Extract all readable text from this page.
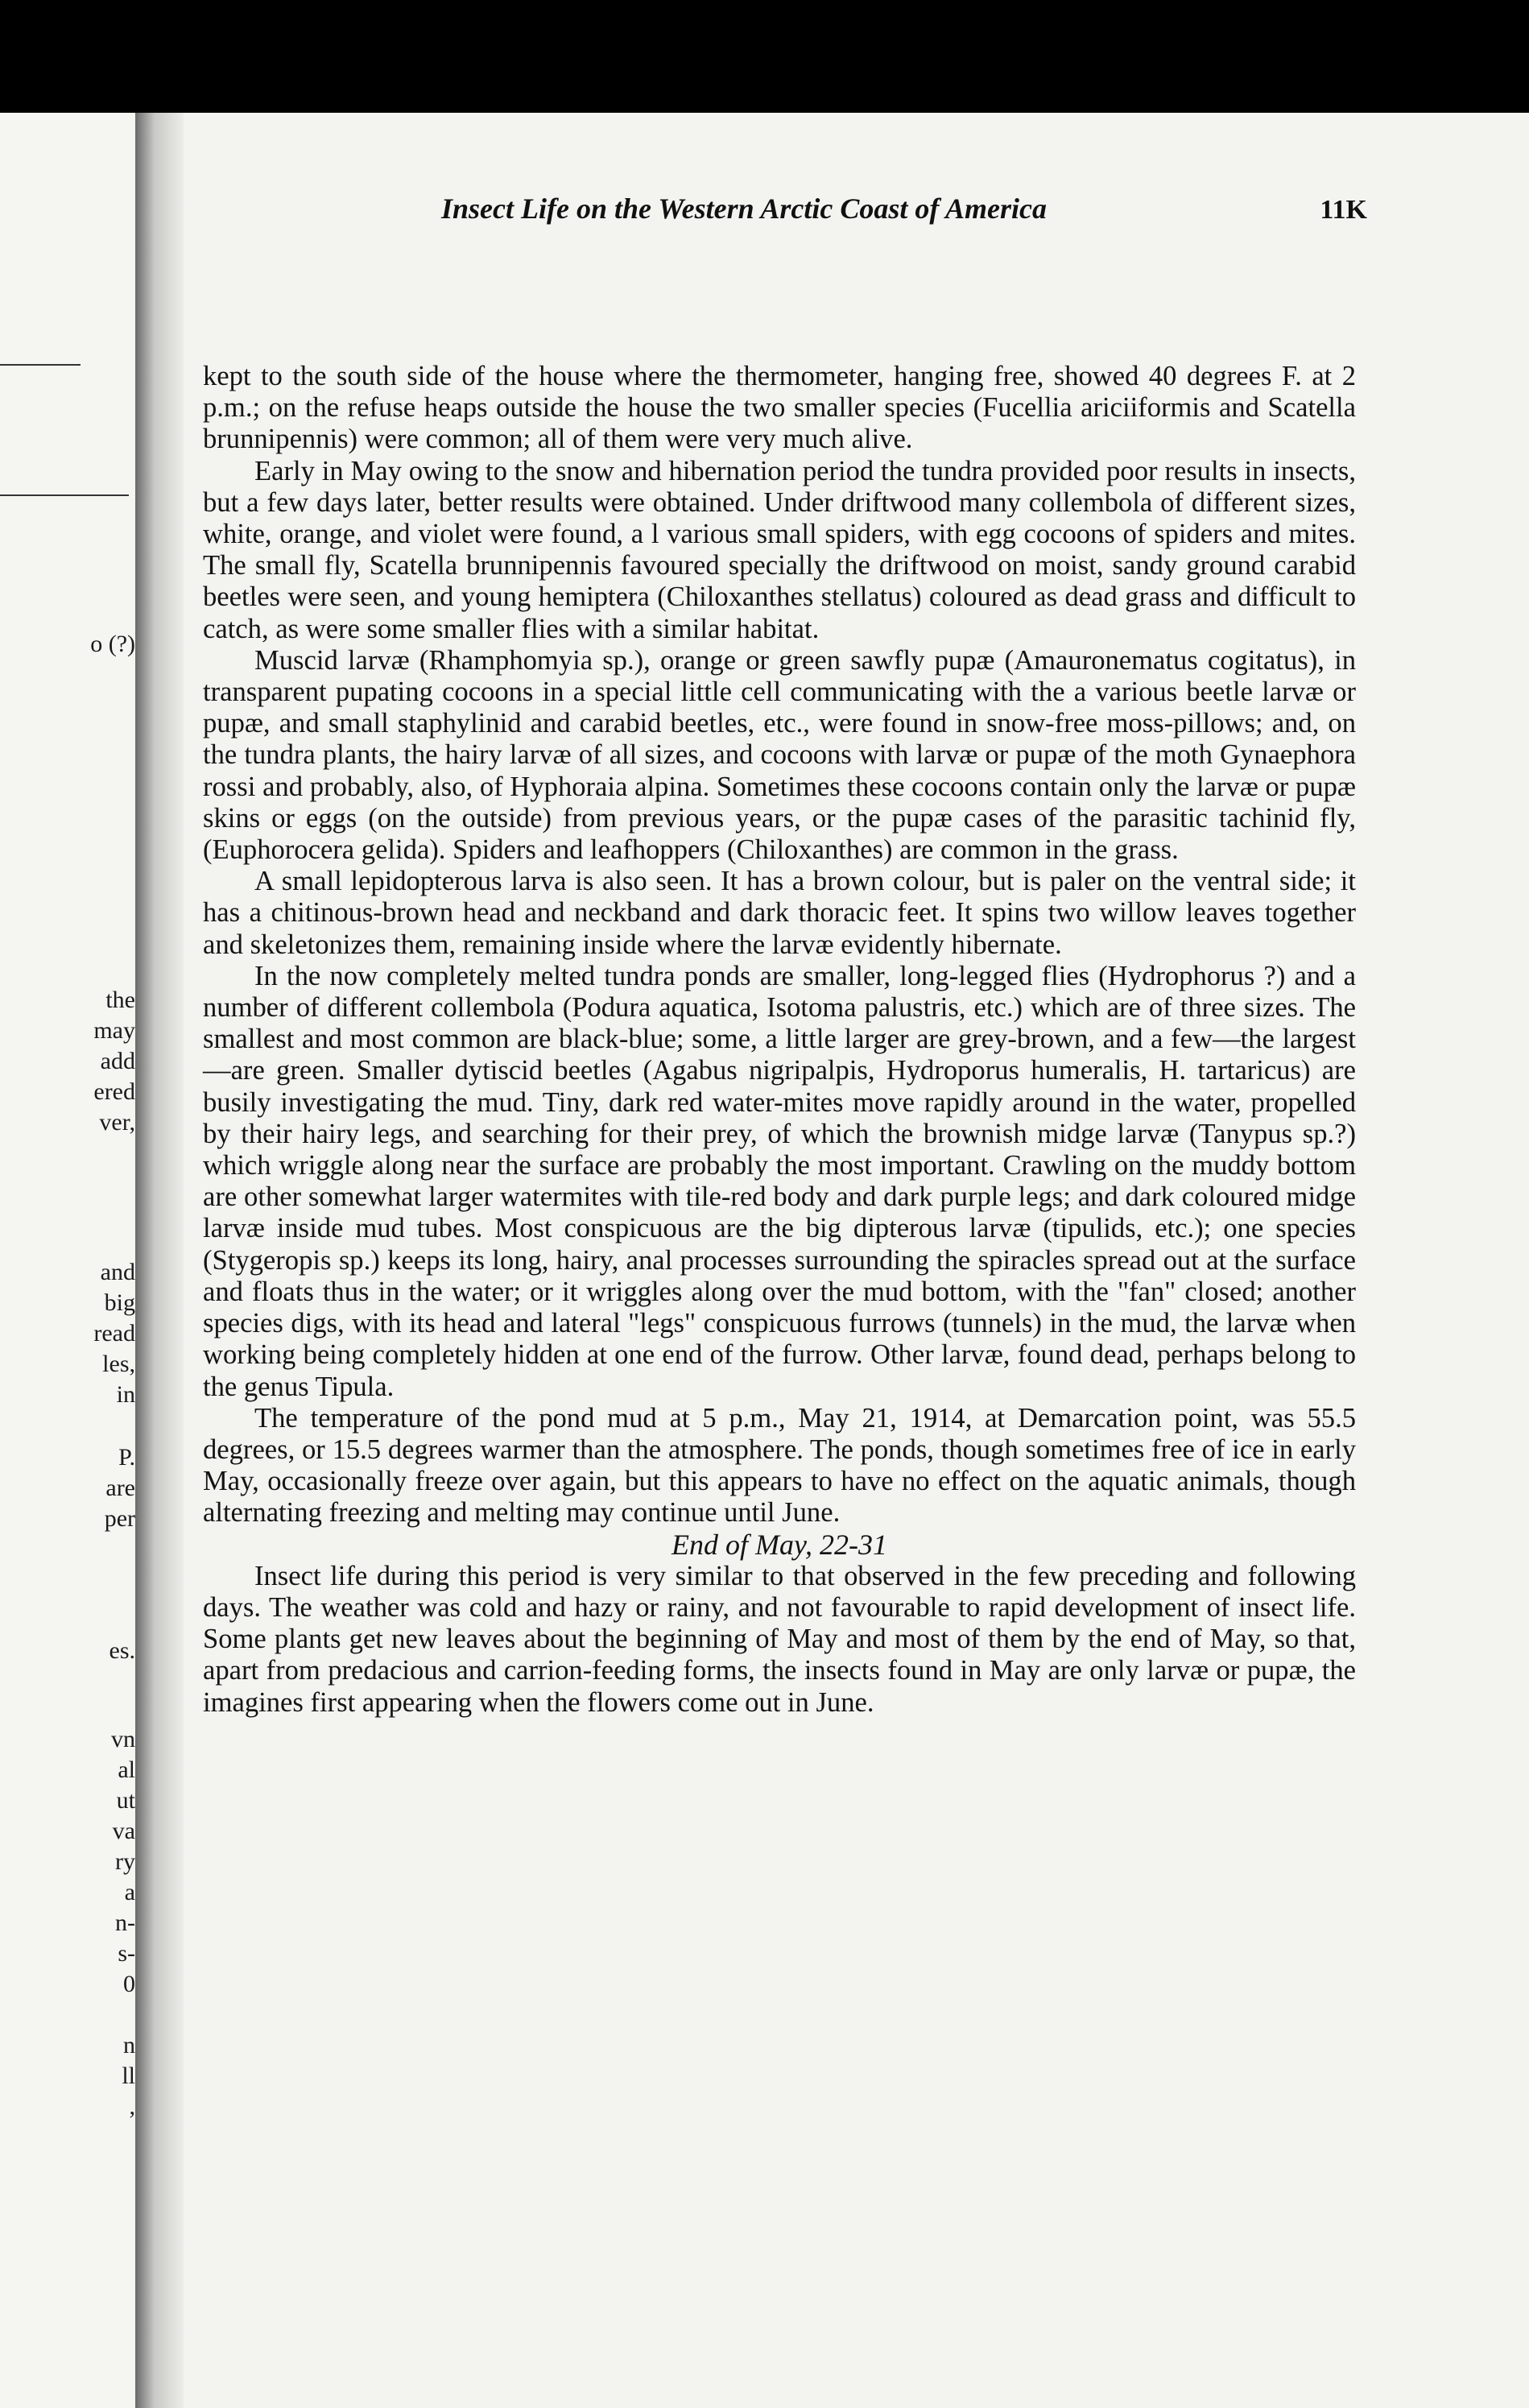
o (?)
the
may
add
ered
ver,
and
big
read
les,
in
P.
are
per
es.
vn
al
ut
va
ry
a
n-
s-
0
n
ll
,
Insect Life on the Western Arctic Coast of America	11K

kept to the south side of the house where the thermometer, hanging free, showed 40 degrees F. at 2 p.m.; on the refuse heaps outside the house the two smaller species (Fucellia ariciiformis and Scatella brunnipennis) were common; all of them were very much alive.

Early in May owing to the snow and hibernation period the tundra provided poor results in insects, but a few days later, better results were obtained. Under driftwood many collembola of different sizes, white, orange, and violet were found, a l various small spiders, with egg cocoons of spiders and mites. The small fly, Scatella brunnipennis favoured specially the driftwood on moist, sandy ground carabid beetles were seen, and young hemiptera (Chiloxanthes stellatus) coloured as dead grass and difficult to catch, as were some smaller flies with a similar habitat.

Muscid larvæ (Rhamphomyia sp.), orange or green sawfly pupæ (Amauronematus cogitatus), in transparent pupating cocoons in a special little cell communicating with the a various beetle larvæ or pupæ, and small staphylinid and carabid beetles, etc., were found in snow-free moss-pillows; and, on the tundra plants, the hairy larvæ of all sizes, and cocoons with larvæ or pupæ of the moth Gynaephora rossi and probably, also, of Hyphoraia alpina. Sometimes these cocoons contain only the larvæ or pupæ skins or eggs (on the outside) from previous years, or the pupæ cases of the parasitic tachinid fly, (Euphorocera gelida). Spiders and leafhoppers (Chiloxanthes) are common in the grass.

A small lepidopterous larva is also seen. It has a brown colour, but is paler on the ventral side; it has a chitinous-brown head and neckband and dark thoracic feet. It spins two willow leaves together and skeletonizes them, remaining inside where the larvæ evidently hibernate.

In the now completely melted tundra ponds are smaller, long-legged flies (Hydrophorus ?) and a number of different collembola (Podura aquatica, Isotoma palustris, etc.) which are of three sizes. The smallest and most common are black-blue; some, a little larger are grey-brown, and a few—the largest—are green. Smaller dytiscid beetles (Agabus nigripalpis, Hydroporus humeralis, H. tartaricus) are busily investigating the mud. Tiny, dark red water-mites move rapidly around in the water, propelled by their hairy legs, and searching for their prey, of which the brownish midge larvæ (Tanypus sp.?) which wriggle along near the surface are probably the most important. Crawling on the muddy bottom are other somewhat larger watermites with tile-red body and dark purple legs; and dark coloured midge larvæ inside mud tubes. Most conspicuous are the big dipterous larvæ (tipulids, etc.); one species (Stygeropis sp.) keeps its long, hairy, anal processes surrounding the spiracles spread out at the surface and floats thus in the water; or it wriggles along over the mud bottom, with the "fan" closed; another species digs, with its head and lateral "legs" conspicuous furrows (tunnels) in the mud, the larvæ when working being completely hidden at one end of the furrow. Other larvæ, found dead, perhaps belong to the genus Tipula.

The temperature of the pond mud at 5 p.m., May 21, 1914, at Demarcation point, was 55.5 degrees, or 15.5 degrees warmer than the atmosphere. The ponds, though sometimes free of ice in early May, occasionally freeze over again, but this appears to have no effect on the aquatic animals, though alternating freezing and melting may continue until June.

End of May, 22-31

Insect life during this period is very similar to that observed in the few preceding and following days. The weather was cold and hazy or rainy, and not favourable to rapid development of insect life. Some plants get new leaves about the beginning of May and most of them by the end of May, so that, apart from predacious and carrion-feeding forms, the insects found in May are only larvæ or pupæ, the imagines first appearing when the flowers come out in June.
